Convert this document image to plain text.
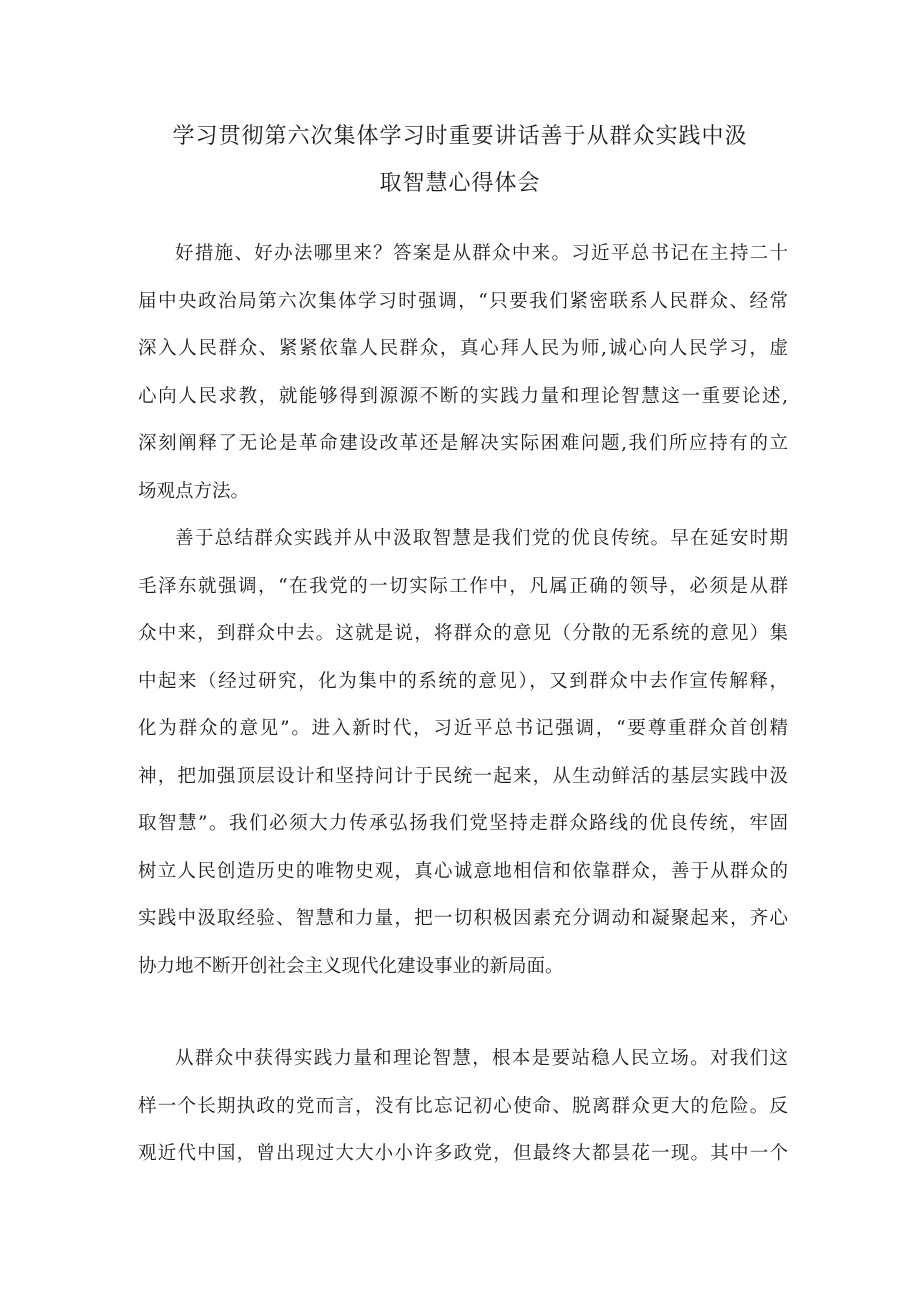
学习贯彻第六次集体学习时重要讲话善于从群众实践中汲
取智慧心得体会
好措施、好办法哪里来？答案是从群众中来。习近平总书记在主持二十
届中央政治局第六次集体学习时强调，“只要我们紧密联系人民群众、经常
深入人民群众、紧紧依靠人民群众，真心拜人民为师,诚心向人民学习，虚
心向人民求教，就能够得到源源不断的实践力量和理论智慧这一重要论述,
深刻阐释了无论是革命建设改革还是解决实际困难问题,我们所应持有的立
场观点方法。
善于总结群众实践并从中汲取智慧是我们党的优良传统。早在延安时期
毛泽东就强调，“在我党的一切实际工作中，凡属正确的领导，必须是从群
众中来，到群众中去。这就是说，将群众的意见（分散的无系统的意见）集
中起来（经过研究，化为集中的系统的意见），又到群众中去作宣传解释，
化为群众的意见”。进入新时代，习近平总书记强调，“要尊重群众首创精
神，把加强顶层设计和坚持问计于民统一起来，从生动鲜活的基层实践中汲
取智慧”。我们必须大力传承弘扬我们党坚持走群众路线的优良传统，牢固
树立人民创造历史的唯物史观，真心诚意地相信和依靠群众，善于从群众的
实践中汲取经验、智慧和力量，把一切积极因素充分调动和凝聚起来，齐心
协力地不断开创社会主义现代化建设事业的新局面。
从群众中获得实践力量和理论智慧，根本是要站稳人民立场。对我们这
样一个长期执政的党而言，没有比忘记初心使命、脱离群众更大的危险。反
观近代中国，曾出现过大大小小许多政党，但最终大都昙花一现。其中一个
